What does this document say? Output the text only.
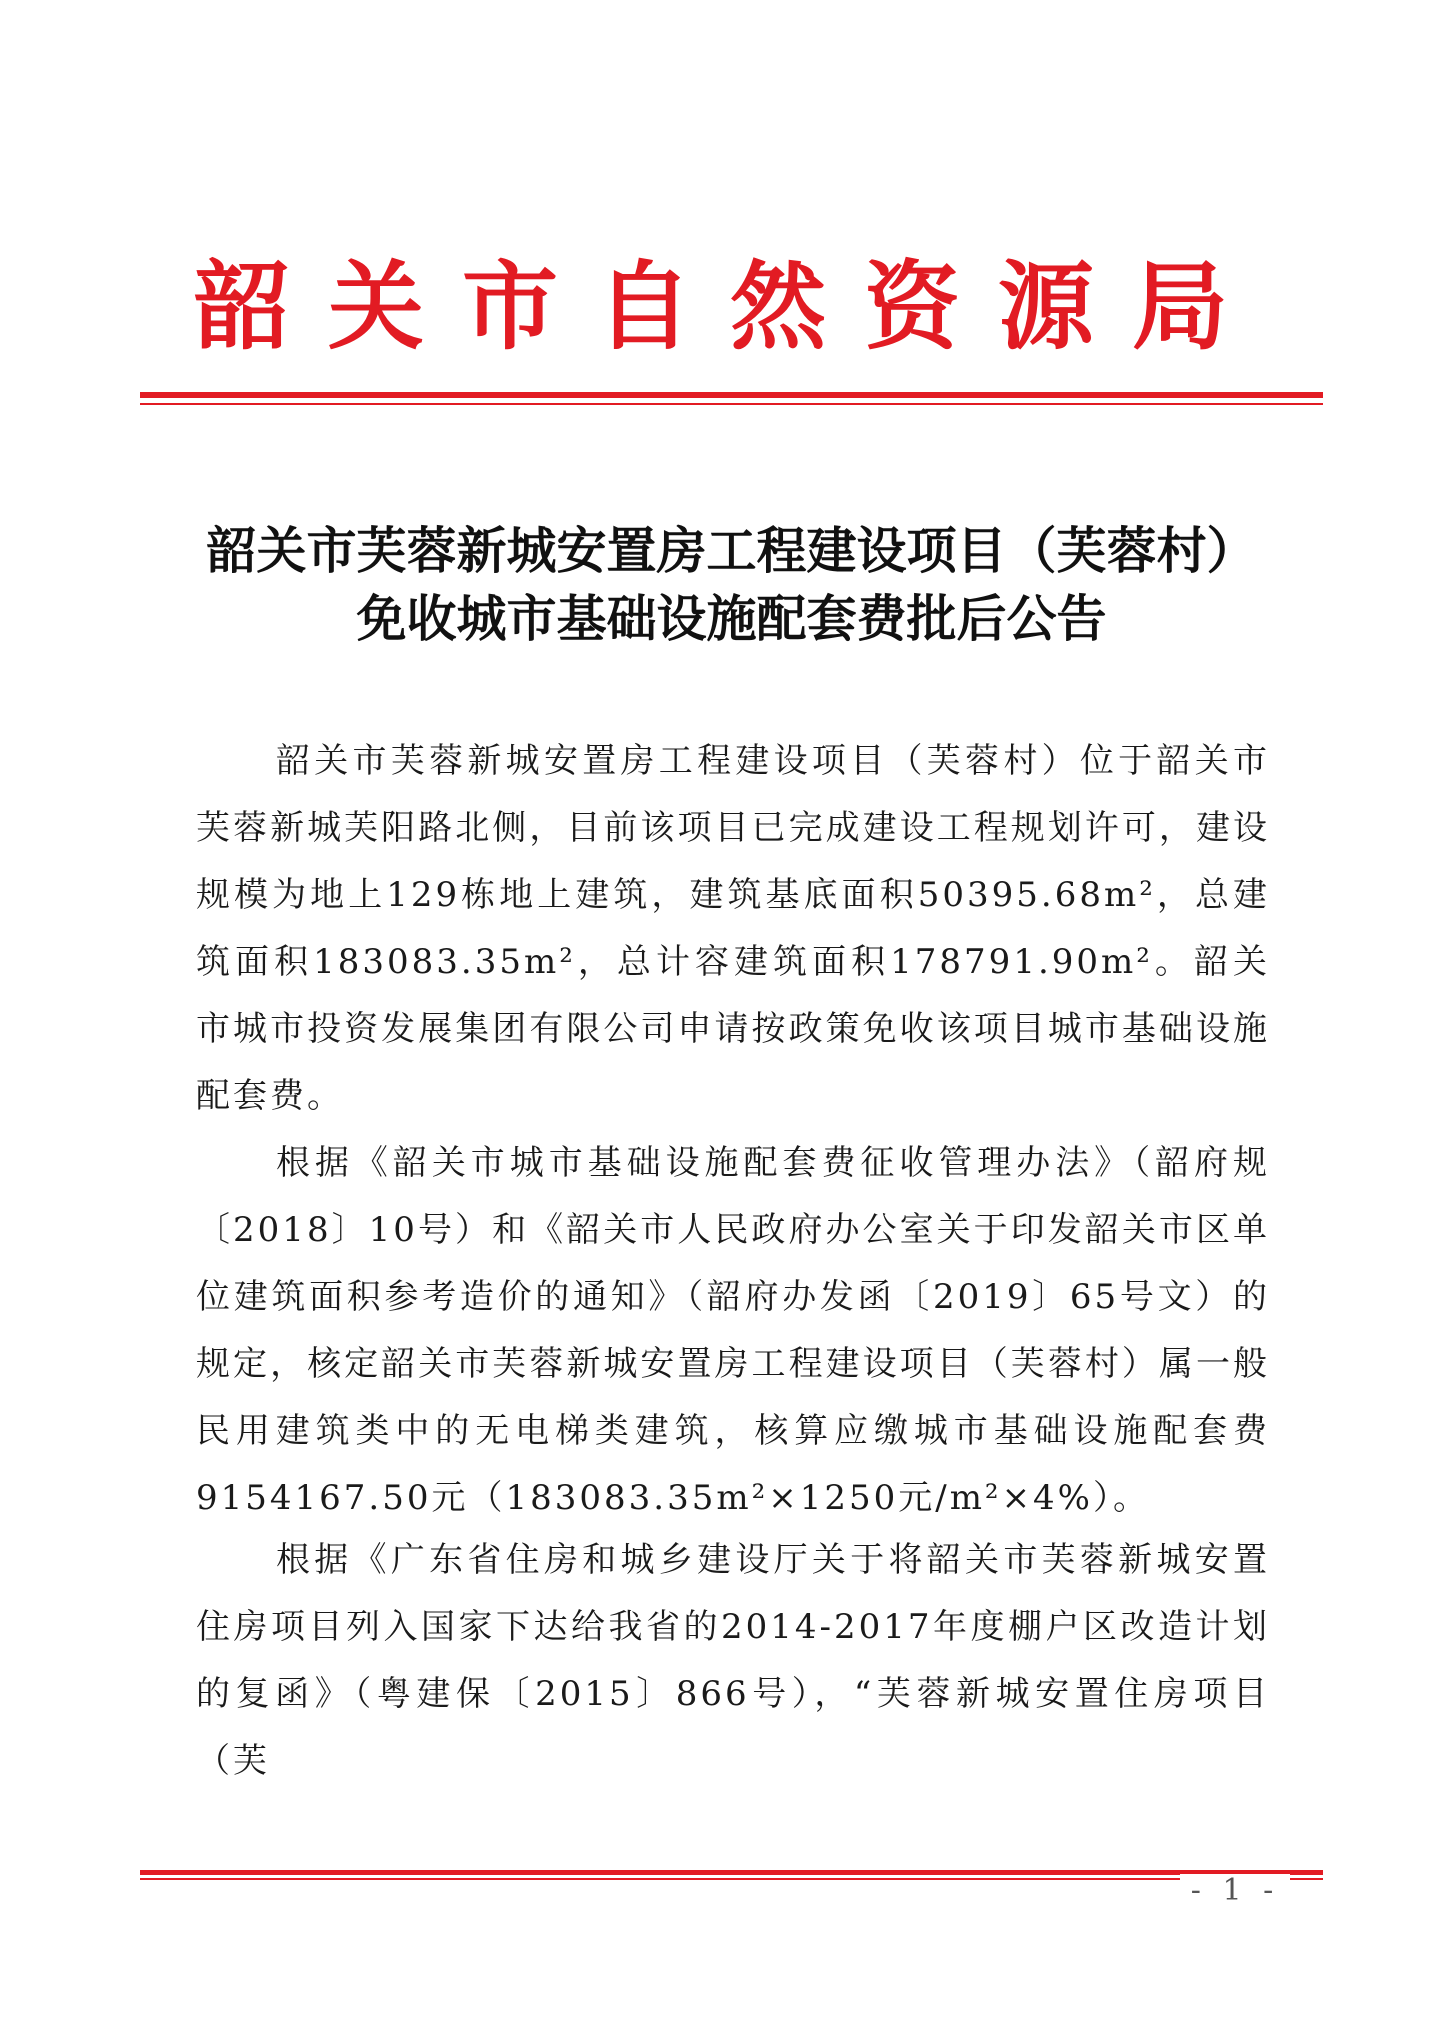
韶关市自然资源局
韶关市芙蓉新城安置房工程建设项目（芙蓉村）
免收城市基础设施配套费批后公告

韶关市芙蓉新城安置房工程建设项目（芙蓉村）位于韶关市芙蓉新城芙阳路北侧，目前该项目已完成建设工程规划许可，建设规模为地上129栋地上建筑，建筑基底面积50395.68m²，总建筑面积183083.35m²，总计容建筑面积178791.90m²。韶关市城市投资发展集团有限公司申请按政策免收该项目城市基础设施配套费。

根据《韶关市城市基础设施配套费征收管理办法》（韶府规〔2018〕10号）和《韶关市人民政府办公室关于印发韶关市区单位建筑面积参考造价的通知》（韶府办发函〔2019〕65号文）的规定，核定韶关市芙蓉新城安置房工程建设项目（芙蓉村）属一般民用建筑类中的无电梯类建筑，核算应缴城市基础设施配套费9154167.50元（183083.35m²×1250元/m²×4%）。

根据《广东省住房和城乡建设厅关于将韶关市芙蓉新城安置住房项目列入国家下达给我省的2014-2017年度棚户区改造计划的复函》（粤建保〔2015〕866号），“芙蓉新城安置住房项目（芙

- 1 -
